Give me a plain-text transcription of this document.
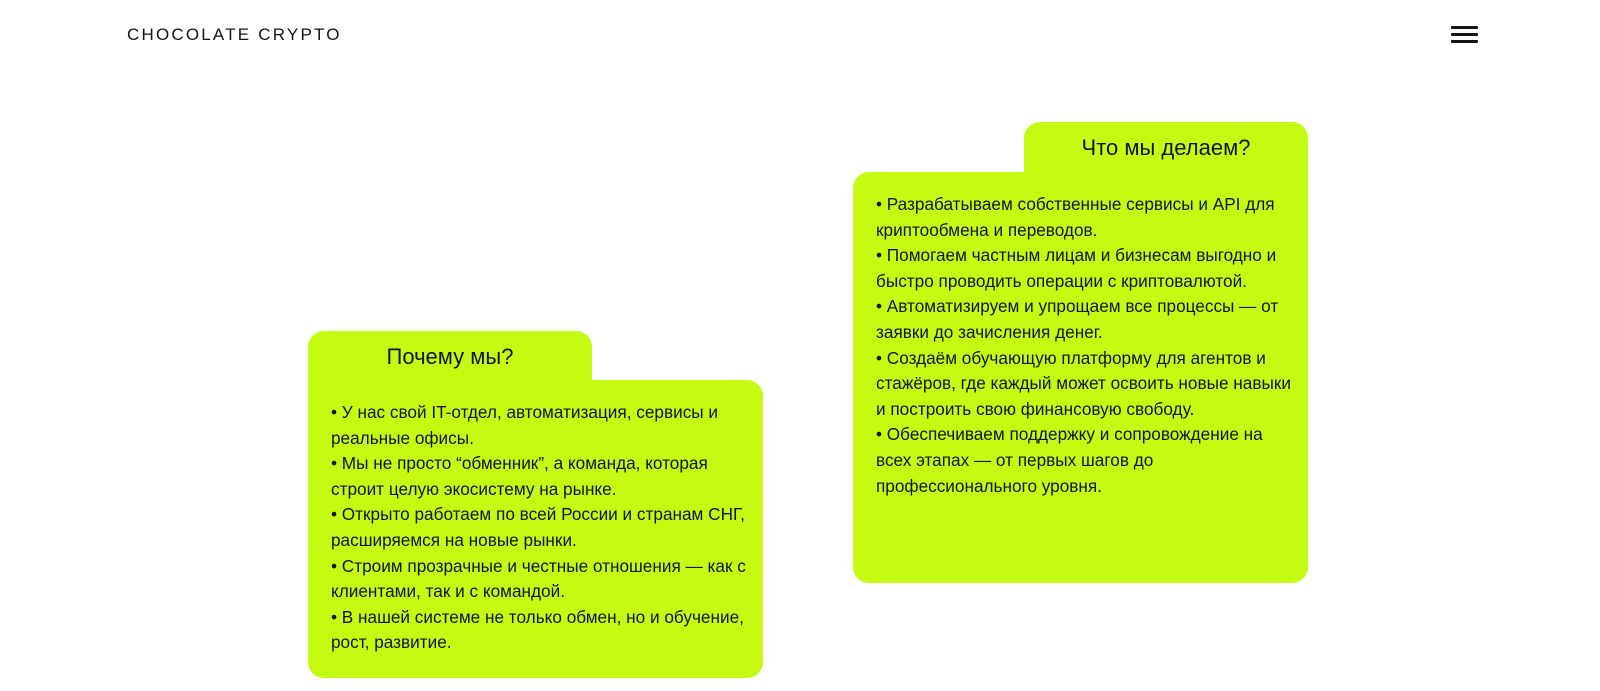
CHOCOLATE CRYPTO
Почему мы?
• У нас свой IT-отдел, автоматизация, сервисы и реальные офисы.
• Мы не просто “обменник”, а команда, которая строит целую экосистему на рынке.
• Открыто работаем по всей России и странам СНГ, расширяемся на новые рынки.
• Строим прозрачные и честные отношения — как с клиентами, так и с командой.
• В нашей системе не только обмен, но и обучение, рост, развитие.
Что мы делаем?
• Разрабатываем собственные сервисы и API для криптообмена и переводов.
• Помогаем частным лицам и бизнесам выгодно и быстро проводить операции с криптовалютой.
• Автоматизируем и упрощаем все процессы — от заявки до зачисления денег.
• Создаём обучающую платформу для агентов и стажёров, где каждый может освоить новые навыки и построить свою финансовую свободу.
• Обеспечиваем поддержку и сопровождение на всех этапах — от первых шагов до профессионального уровня.
